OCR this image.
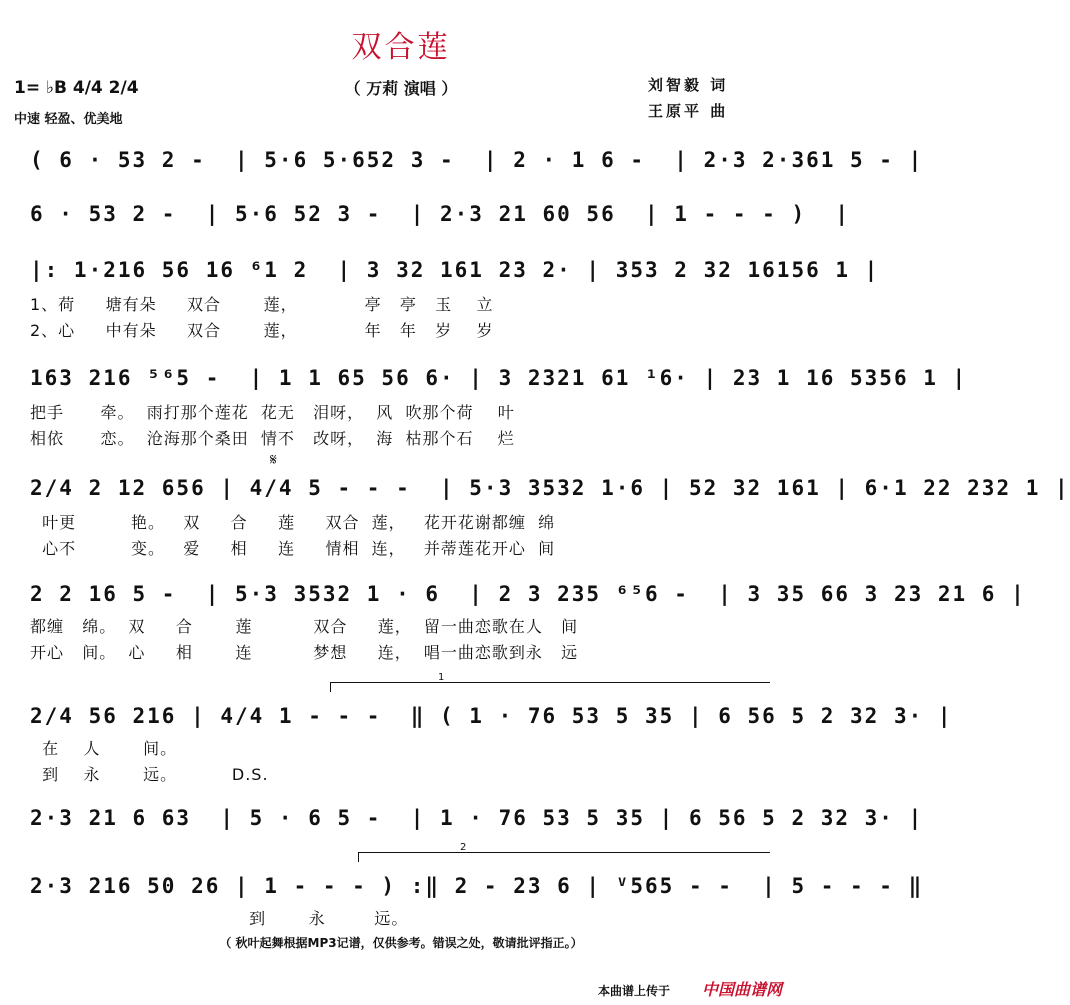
双合莲
（ 万莉 演唱 ）
1= ♭B 4/4 2/4
中速 轻盈、优美地
刘智毅 词
王原平 曲
( 6 · 53 2 -  | 5·6 5·652 3 -  | 2 · 1 6 -  | 2·3 2·361 5 - |
6 · 53 2 -  | 5·6 52 3 -  | 2·3 21 60 56  | 1 - - - )  |
|: 1·216 56 16 ⁶1 2  | 3 32 161 23 2· | 353 2 32 16156 1 |
1、荷     塘有朵     双合       莲，           亭   亭   玉    立
2、心     中有朵     双合       莲，           年   年   岁    岁
163 216 ⁵⁶5 -  | 1 1 65 56 6· | 3 2321 61 ¹6· | 23 1 16 5356 1 |
把手      牵。  雨打那个莲花  花无   泪呀，  风  吹那个荷    叶
相依      恋。  沧海那个桑田  情不   改呀，  海  枯那个石    烂
2/4 2 12 656 | 4/4 5 - - -  | 5·3 3532 1·6 | 52 32 161 | 6·1 22 232 1 |
𝄋
叶更         艳。   双     合     莲     双合  莲，   花开花谢都缠  绵
心不         变。   爱     相     连     情相  连，   并蒂莲花开心  间
2 2 16 5 -  | 5·3 3532 1 · 6  | 2 3 235 ⁶⁵6 -  | 3 35 66 3 23 21 6 |
都缠   绵。  双     合       莲          双合     莲，  留一曲恋歌在人   间
开心   间。  心     相       连          梦想     连，  唱一曲恋歌到永   远
1
2/4 56 216 | 4/4 1 - - -  ‖ ( 1 · 76 53 5 35 | 6 56 5 2 32 3· |
在    人       间。
到    永       远。         D.S.
2·3 21 6 63  | 5 · 6 5 -  | 1 · 76 53 5 35 | 6 56 5 2 32 3· |
2
2·3 216 50 26 | 1 - - - ) :‖ 2 - 23 6 | ⱽ565 - -  | 5 - - - ‖
到       永        远。
（ 秋叶起舞根据MP3记谱，仅供参考。错误之处，敬请批评指正。）
本曲谱上传于 中国曲谱网
